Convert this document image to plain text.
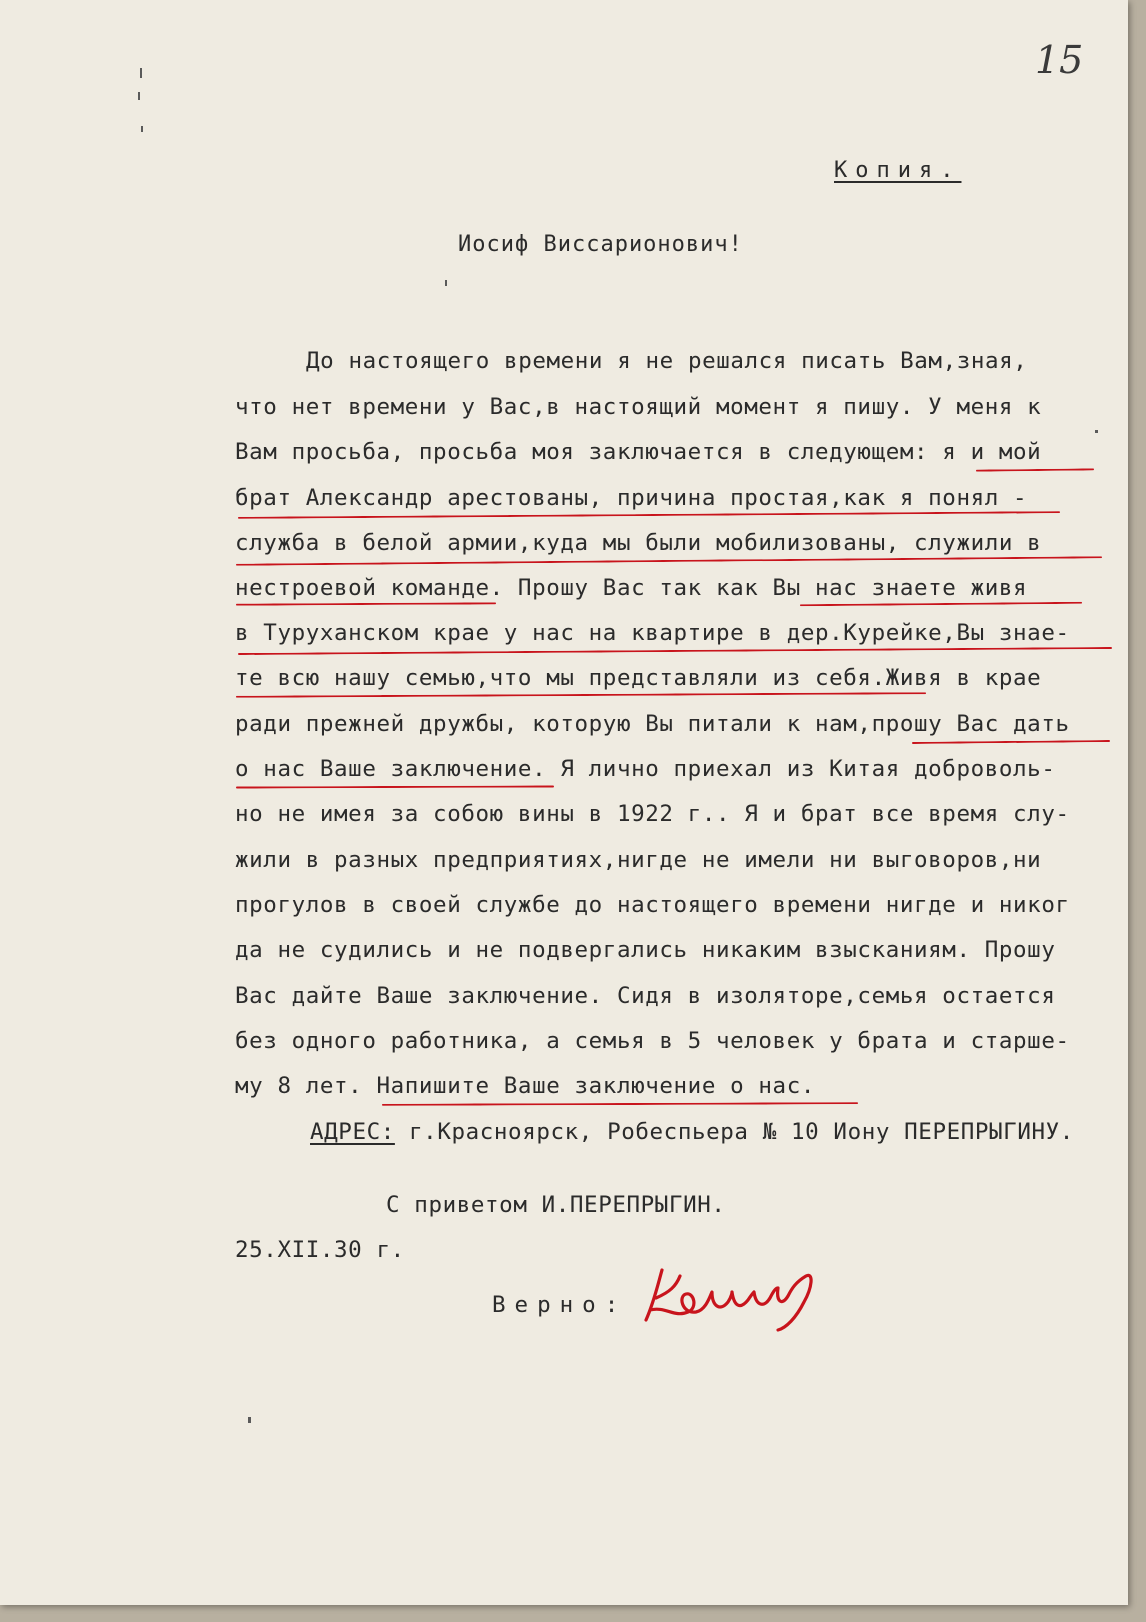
15
Копия.
Иосиф Виссарионович!
До настоящего времени я не решался писать Вам,зная,
что нет времени у Вас,в настоящий момент я пишу. У меня к
Вам просьба, просьба моя заключается в следующем: я и мой
брат Александр арестованы, причина простая,как я понял -
служба в белой армии,куда мы были мобилизованы, служили в
нестроевой команде. Прошу Вас так как Вы нас знаете живя
в Туруханском крае у нас на квартире в дер.Курейке,Вы знае-
те всю нашу семью,что мы представляли из себя.Живя в крае
ради прежней дружбы, которую Вы питали к нам,прошу Вас дать
о нас Ваше заключение. Я лично приехал из Китая доброволь-
но не имея за собою вины в 1922 г.. Я и брат все время слу-
жили в разных предприятиях,нигде не имели ни выговоров,ни
прогулов в своей службе до настоящего времени нигде и никог
да не судились и не подвергались никаким взысканиям. Прошу
Вас дайте Ваше заключение. Сидя в изоляторе,семья остается
без одного работника, а семья в 5 человек у брата и старше-
му 8 лет. Напишите Ваше заключение о нас.
АДРЕС: г.Красноярск, Робеспьера № 10 Иону ПЕРЕПРЫГИНУ.
С приветом И.ПЕРЕПРЫГИН.
25.XII.30 г.
Верно:
